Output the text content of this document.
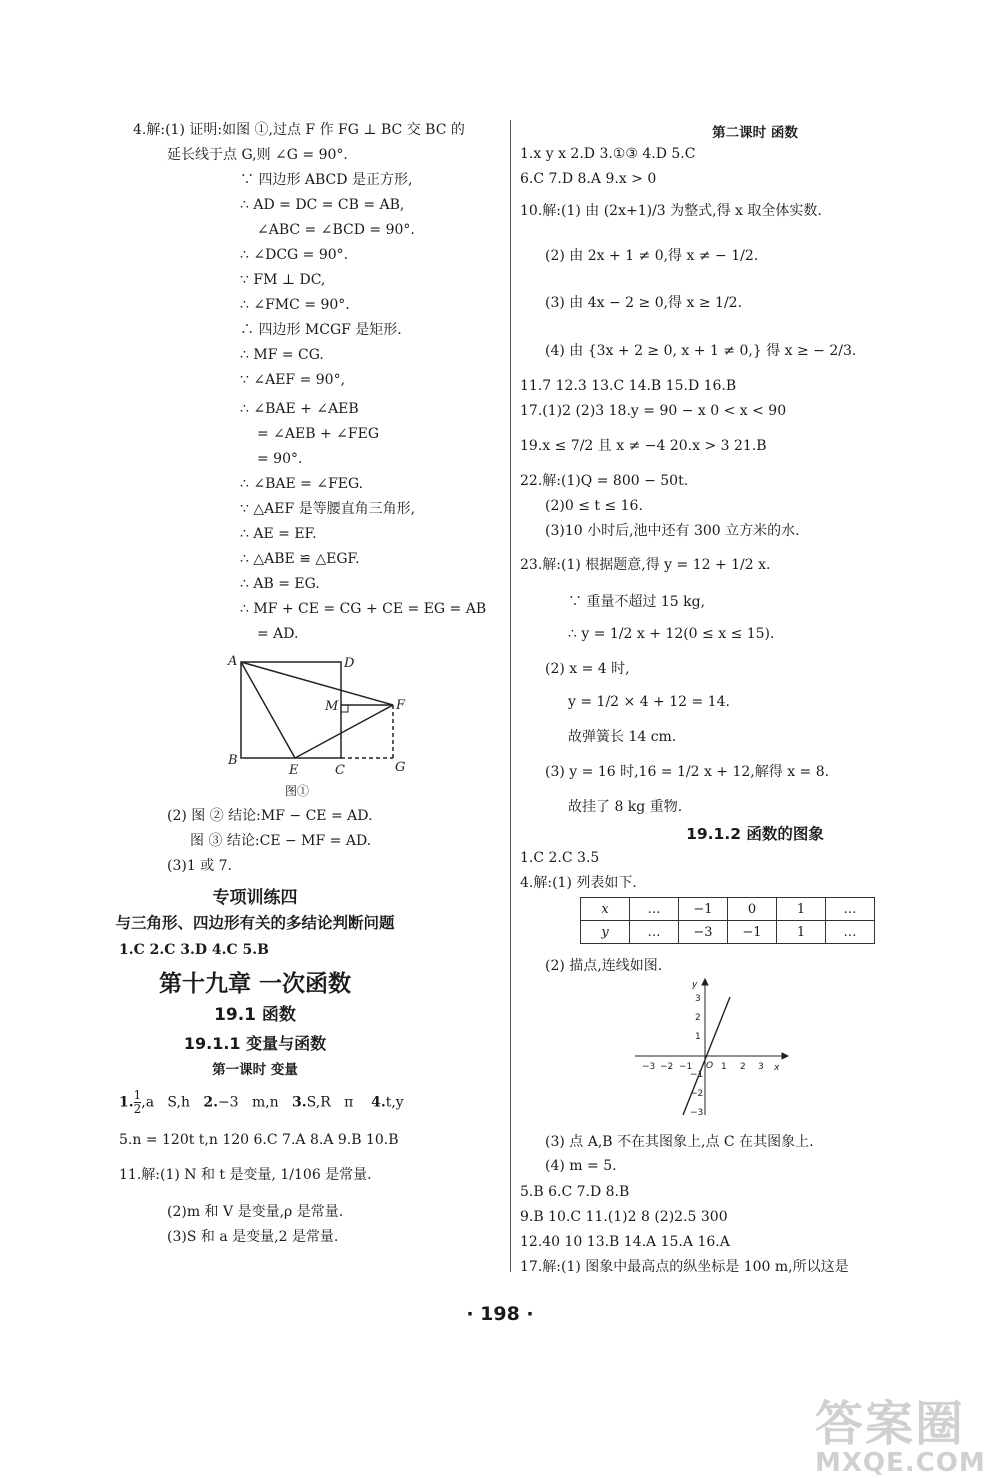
4.解:(1) 证明:如图 ①,过点 F 作 FG ⊥ BC 交 BC 的
延长线于点 G,则 ∠G = 90°.
∵ 四边形 ABCD 是正方形,
∴ AD = DC = CB = AB,
∠ABC = ∠BCD = 90°.
∴ ∠DCG = 90°.
∵ FM ⊥ DC,
∴ ∠FMC = 90°.
∴ 四边形 MCGF 是矩形.
∴ MF = CG.
∵ ∠AEF = 90°,
∴ ∠BAE + ∠AEB
= ∠AEB + ∠FEG
= 90°.
∴ ∠BAE = ∠FEG.
∵ △AEF 是等腰直角三角形,
∴ AE = EF.
∴ △ABE ≌ △EGF.
∴ AB = EG.
∴ MF + CE = CG + CE = EG = AB
= AD.
(2) 图 ② 结论:MF − CE = AD.
图 ③ 结论:CE − MF = AD.
(3)1 或 7.
A	D
M	F
B
E	C	G
图①
专项训练四
与三角形、四边形有关的多结论判断问题
1.C 2.C 3.D 4.C 5.B
第十九章 一次函数
19.1 函数
19.1.1 变量与函数
第一课时 变量
1. $\frac{1}{2} ,a$   S,h   2.−3   m,n   3.S,R   π    4.t,y
5.n = 120t t,n 120 6.C 7.A 8.A 9.B 10.B
11.解:(1) N 和 t 是变量, 1/106 是常量.
(2)m 和 V 是变量,ρ 是常量.
(3)S 和 a 是变量,2 是常量.
第二课时 函数
1.x y x 2.D 3.①③ 4.D 5.C
6.C 7.D 8.A 9.x > 0
10.解:(1) 由 (2x+1)/3 为整式,得 x 取全体实数.
(2) 由 2x + 1 ≠ 0,得 x ≠ − 1/2.
(3) 由 4x − 2 ≥ 0,得 x ≥ 1/2.
(4) 由 {3x + 2 ≥ 0, x + 1 ≠ 0,} 得 x ≥ − 2/3.
11.7 12.3 13.C 14.B 15.D 16.B
17.(1)2 (2)3 18.y = 90 − x 0 < x < 90
19.x ≤ 7/2 且 x ≠ −4 20.x > 3 21.B
22.解:(1)Q = 800 − 50t.
(2)0 ≤ t ≤ 16.
(3)10 小时后,池中还有 300 立方米的水.
23.解:(1) 根据题意,得 y = 12 + 1/2 x.
∵ 重量不超过 15 kg,
∴ y = 1/2 x + 12(0 ≤ x ≤ 15).
(2) x = 4 时,
y = 1/2 × 4 + 12 = 14.
故弹簧长 14 cm.
(3) y = 16 时,16 = 1/2 x + 12,解得 x = 8.
故挂了 8 kg 重物.
1.C 2.C 3.5
4.解:(1) 列表如下.
(2) 描点,连线如图.
(3) 点 A,B 不在其图象上,点 C 在其图象上.
(4) m = 5.
5.B 6.C 7.D 8.B
9.B 10.C 11.(1)2 8 (2)2.5 300
12.40 10 13.B 14.A 15.A 16.A
17.解:(1) 图象中最高点的纵坐标是 100 m,所以这是
19.1.2 函数的图象
x	…	−1	0	1	…
y	…	−3	−1	1	…
x
y
O
−3 −2 −1	1 2 3
3
2
1
−1
−2
−3
· 198 ·
答案圈
MXQE.COM
